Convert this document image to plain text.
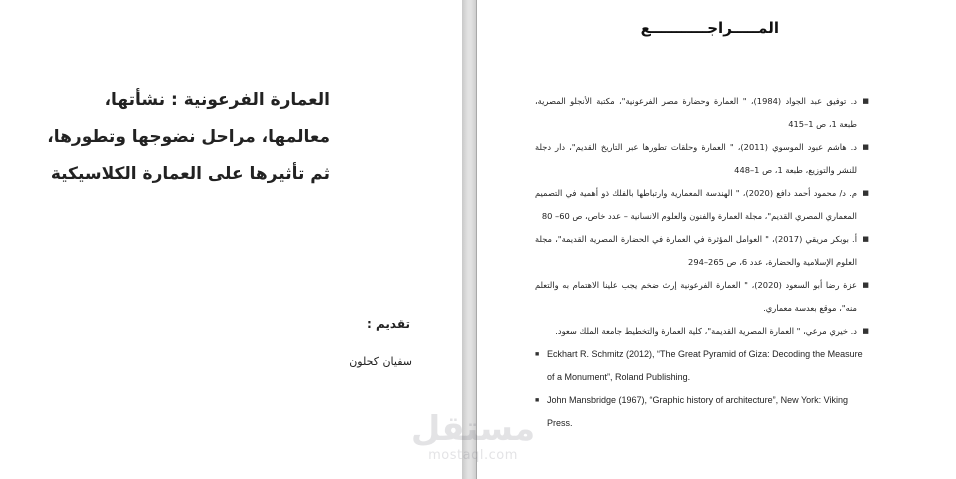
العمارة الفرعونية : نشأتها،
معالمها، مراحل نضوجها وتطورها،
ثم تأثيرها على العمارة الكلاسيكية
تقديم :
سفيان كحلون
المـــــراجـــــــــــع
■
د. توفيق عبد الجواد (1984)، " العمارة وحضارة مصر الفرعونية"، مكتبة الأنجلو المصرية، طبعة 1، ص 1–415
■
د. هاشم عبود الموسوي (2011)، " العمارة وحلقات تطورها عبر التاريخ القديم"، دار دجلة للنشر والتوزيع، طبعة 1، ص 1–448
■
م. د/ محمود أحمد دافع (2020)، " الهندسة المعمارية وارتباطها بالفلك ذو أهمية في التصميم المعماري المصري القديم"، مجلة العمارة والفنون والعلوم الانسانية – عدد خاص، ص 60– 80
■
أ. بوبكر مريقي (2017)، " العوامل المؤثرة في العمارة في الحضارة المصرية القديمة"، مجلة العلوم الإسلامية والحضارة، عدد 6، ص 265–294
■
عزة رضا أبو السعود (2020)، " العمارة الفرعونية إرث ضخم يجب علينا الاهتمام به والتعلم منه"، موقع بعدسة معماري.
■
د. خيري مرعي، " العمارة المصرية القديمة"، كلية العمارة والتخطيط جامعة الملك سعود.
■ Eckhart R. Schmitz (2012), “The Great Pyramid of Giza: Decoding the Measure of a Monument”, Roland Publishing.
■ John Mansbridge (1967), “Graphic history of architecture”, New York: Viking Press.
